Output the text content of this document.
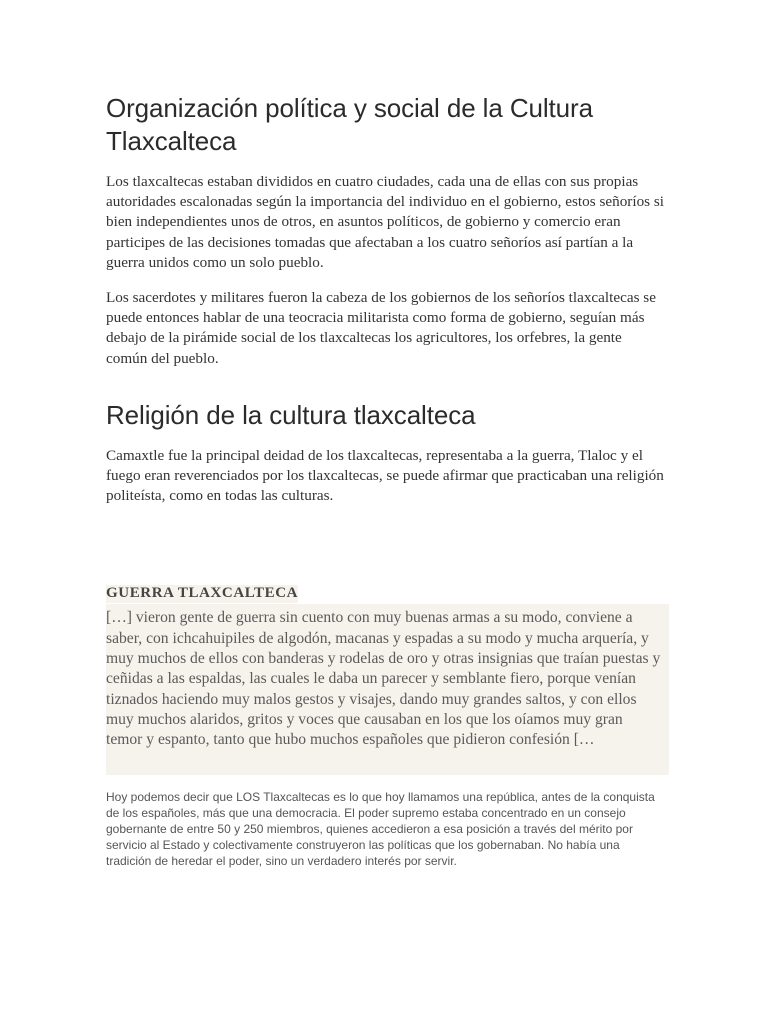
Organización política y social de la Cultura Tlaxcalteca

Los tlaxcaltecas estaban divididos en cuatro ciudades, cada una de ellas con sus propias autoridades escalonadas según la importancia del individuo en el gobierno, estos señoríos si bien independientes unos de otros, en asuntos políticos, de gobierno y comercio eran participes de las decisiones tomadas que afectaban a los cuatro señoríos así partían a la guerra unidos como un solo pueblo.

Los sacerdotes y militares fueron la cabeza de los gobiernos de los señoríos tlaxcaltecas se puede entonces hablar de una teocracia militarista como forma de gobierno, seguían más debajo de la pirámide social de los tlaxcaltecas los agricultores, los orfebres, la gente común del pueblo.

Religión de la cultura tlaxcalteca

Camaxtle fue la principal deidad de los tlaxcaltecas, representaba a la guerra, Tlaloc y el fuego eran reverenciados por los tlaxcaltecas, se puede afirmar que practicaban una religión politeísta, como en todas las culturas.

GUERRA TLAXCALTECA

[…] vieron gente de guerra sin cuento con muy buenas armas a su modo, conviene a saber, con ichcahuipiles de algodón, macanas y espadas a su modo y mucha arquería, y muy muchos de ellos con banderas y rodelas de oro y otras insignias que traían puestas y ceñidas a las espaldas, las cuales le daba un parecer y semblante fiero, porque venían tiznados haciendo muy malos gestos y visajes, dando muy grandes saltos, y con ellos muy muchos alaridos, gritos y voces que causaban en los que los oíamos muy gran temor y espanto, tanto que hubo muchos españoles que pidieron confesión […

Hoy podemos decir que LOS Tlaxcaltecas es lo que hoy llamamos una república, antes de la conquista de los españoles, más que una democracia. El poder supremo estaba concentrado en un consejo gobernante de entre 50 y 250 miembros, quienes accedieron a esa posición a través del mérito por servicio al Estado y colectivamente construyeron las políticas que los gobernaban. No había una tradición de heredar el poder, sino un verdadero interés por servir.
